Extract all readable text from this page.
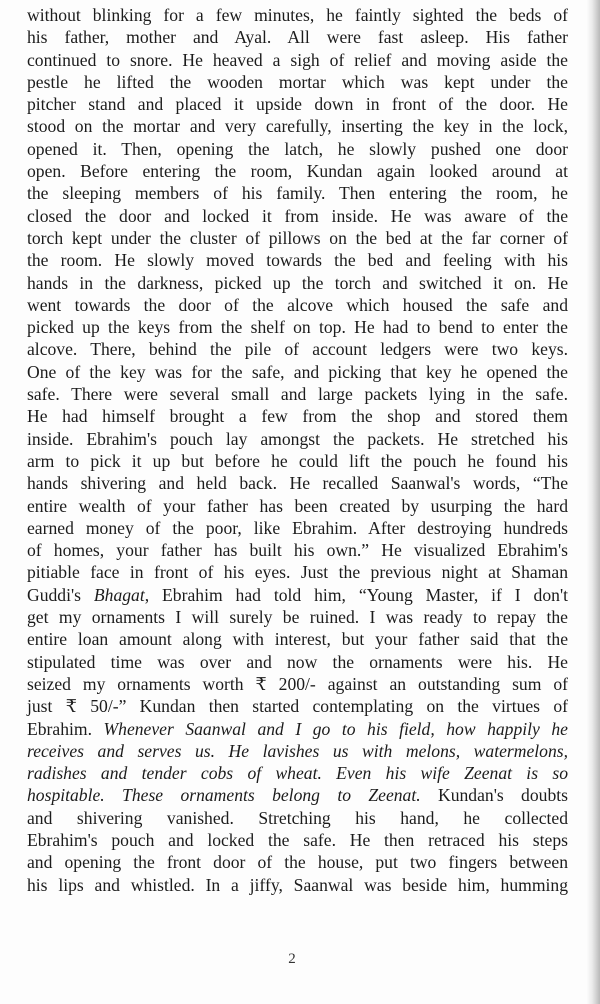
without blinking for a few minutes, he faintly sighted the beds of
his father, mother and Ayal. All were fast asleep. His father
continued to snore. He heaved a sigh of relief and moving aside the
pestle he lifted the wooden mortar which was kept under the
pitcher stand and placed it upside down in front of the door. He
stood on the mortar and very carefully, inserting the key in the lock,
opened it. Then, opening the latch, he slowly pushed one door
open. Before entering the room, Kundan again looked around at
the sleeping members of his family. Then entering the room, he
closed the door and locked it from inside. He was aware of the
torch kept under the cluster of pillows on the bed at the far corner of
the room. He slowly moved towards the bed and feeling with his
hands in the darkness, picked up the torch and switched it on. He
went towards the door of the alcove which housed the safe and
picked up the keys from the shelf on top. He had to bend to enter the
alcove. There, behind the pile of account ledgers were two keys.
One of the key was for the safe, and picking that key he opened the
safe. There were several small and large packets lying in the safe.
He had himself brought a few from the shop and stored them
inside. Ebrahim's pouch lay amongst the packets. He stretched his
arm to pick it up but before he could lift the pouch he found his
hands shivering and held back. He recalled Saanwal's words, “The
entire wealth of your father has been created by usurping the hard
earned money of the poor, like Ebrahim. After destroying hundreds
of homes, your father has built his own.” He visualized Ebrahim's
pitiable face in front of his eyes. Just the previous night at Shaman
Guddi's Bhagat, Ebrahim had told him, “Young Master, if I don't
get my ornaments I will surely be ruined. I was ready to repay the
entire loan amount along with interest, but your father said that the
stipulated time was over and now the ornaments were his. He
seized my ornaments worth ₹ 200/- against an outstanding sum of
just ₹ 50/-” Kundan then started contemplating on the virtues of
Ebrahim. Whenever Saanwal and I go to his field, how happily he
receives and serves us. He lavishes us with melons, watermelons,
radishes and tender cobs of wheat. Even his wife Zeenat is so
hospitable. These ornaments belong to Zeenat. Kundan's doubts
and shivering vanished. Stretching his hand, he collected
Ebrahim's pouch and locked the safe. He then retraced his steps
and opening the front door of the house, put two fingers between
his lips and whistled. In a jiffy, Saanwal was beside him, humming
2
